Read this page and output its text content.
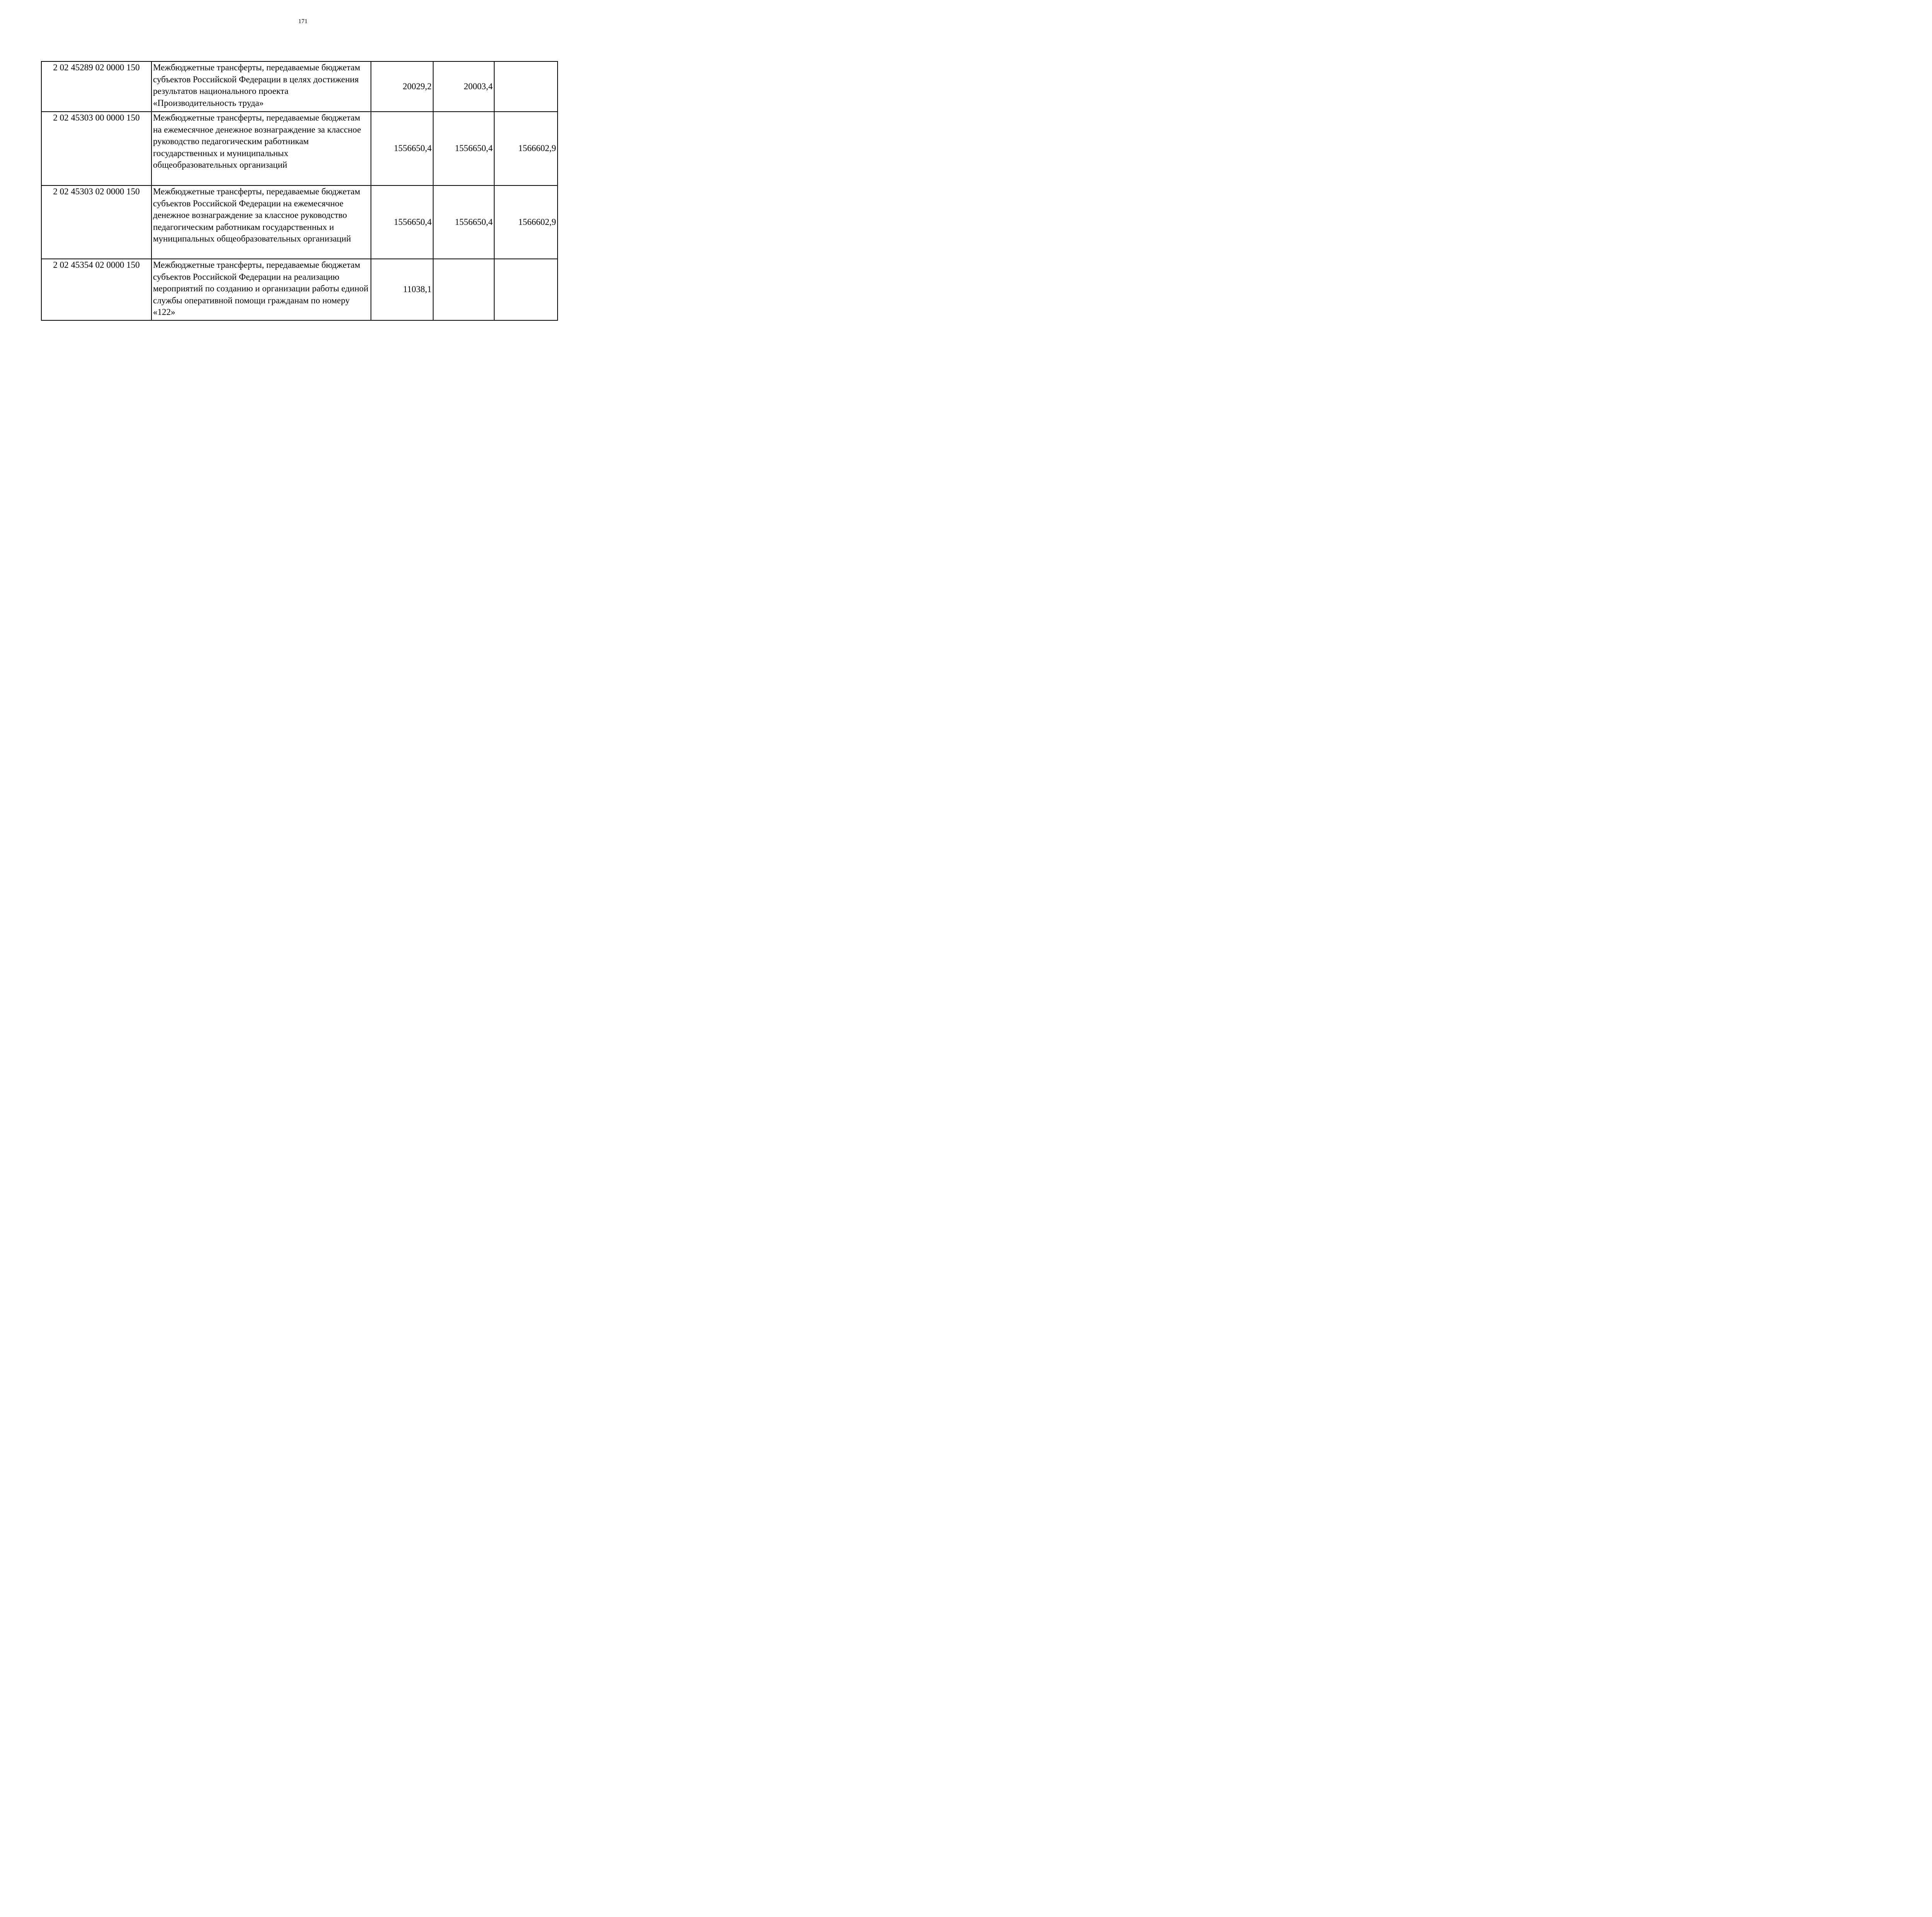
171
2 02 45289 02 0000 150	Межбюджетные трансферты, передаваемые бюджетам субъектов Российской Федерации в целях достижения результатов национального проекта «Производительность труда»	20029,2	20003,4	
2 02 45303 00 0000 150	Межбюджетные трансферты, передаваемые бюджетам на ежемесячное денежное вознаграждение за классное руководство педагогическим работникам государственных и муниципальных общеобразовательных организаций	1556650,4	1556650,4	1566602,9
2 02 45303 02 0000 150	Межбюджетные трансферты, передаваемые бюджетам субъектов Российской Федерации на ежемесячное денежное вознаграждение за классное руководство педагогическим работникам государственных и муниципальных общеобразовательных организаций	1556650,4	1556650,4	1566602,9
2 02 45354 02 0000 150	Межбюджетные трансферты, передаваемые бюджетам субъектов Российской Федерации на реализацию мероприятий по созданию и организации работы единой службы оперативной помощи гражданам по номеру «122»	11038,1		
